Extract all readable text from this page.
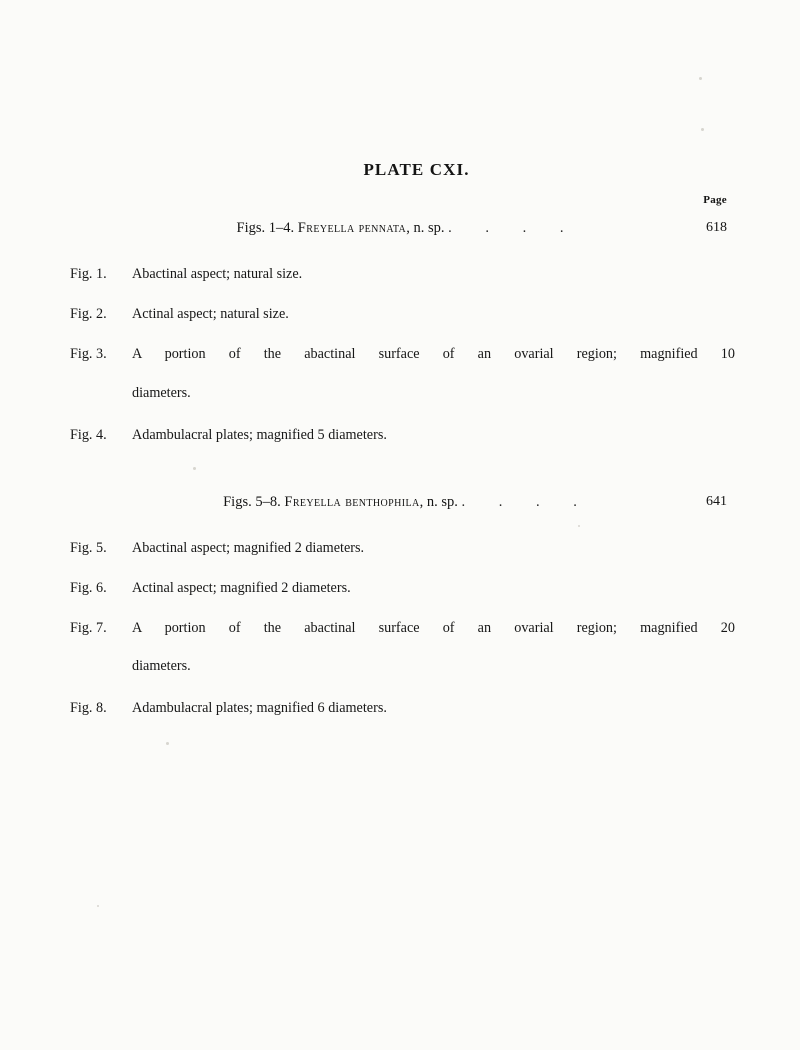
PLATE CXI.
Page
Figs. 1–4. Freyella pennata, n. sp. . . . .	618
Fig. 1.	Abactinal aspect; natural size.
Fig. 2.	Actinal aspect; natural size.
Fig. 3.	A portion of the abactinal surface of an ovarial region; magnified 10
diameters.
Fig. 4.	Adambulacral plates; magnified 5 diameters.
Figs. 5–8. Freyella benthophila, n. sp. . . . .	641
Fig. 5.	Abactinal aspect; magnified 2 diameters.
Fig. 6.	Actinal aspect; magnified 2 diameters.
Fig. 7.	A portion of the abactinal surface of an ovarial region; magnified 20
diameters.
Fig. 8.	Adambulacral plates; magnified 6 diameters.
